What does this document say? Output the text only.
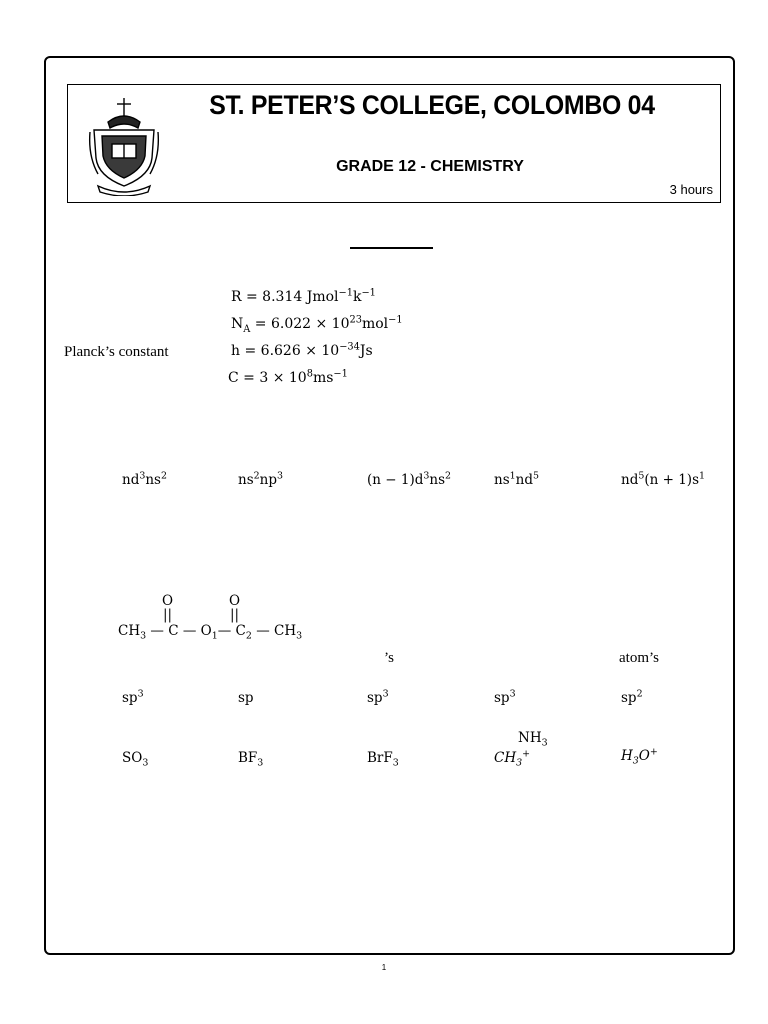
ST. PETER’S COLLEGE, COLOMBO 04
GRADE 12 - CHEMISTRY
3 hours
R = 8.314 $Jmol^{-1}k^{-1}$
$N_A = 6.022 \times 10^{23}mol^{-1}$
Planck’s constant	$h = 6.626 \times 10^{-34}Js$
$C = 3 \times 10^8ms^{-1}$
$nd^3ns^2$	$ns^2np^3$	$(n - 1)d^3ns^2$	$ns^1nd^5$	$nd^5(n + 1)s^1$
O	O
||	||
$CH_3$ — C — $O_1—$ $C_2$ — $CH_3$
’s	atom’s
$sp^3$	sp	$sp^3$	$sp^3$	$sp^2$
$NH_3$
$SO_3$	$BF_3$	BrF$_3$	$CH_3^+$	$H_3O^+$
1
